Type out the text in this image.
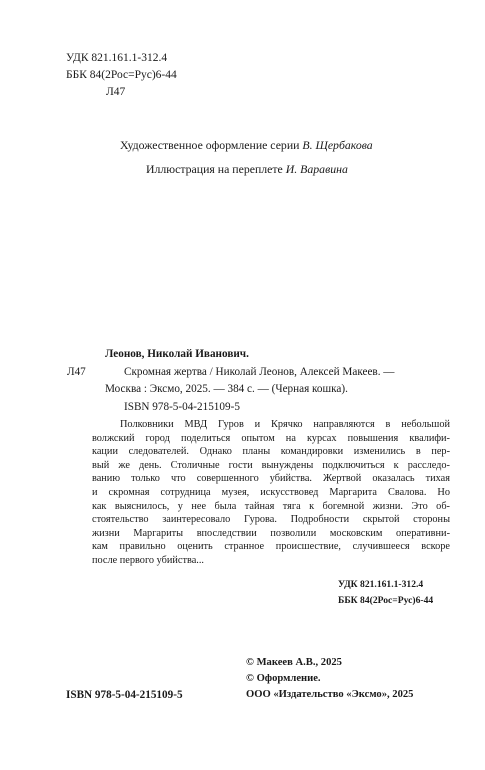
УДК 821.161.1-312.4
ББК 84(2Рос=Рус)6-44
Л47
Художественное оформление серии В. Щербакова
Иллюстрация на переплете И. Варавина
Леонов, Николай Иванович.
Л47	Скромная жертва / Николай Леонов, Алексей Макеев. —
Москва : Эксмо, 2025. — 384 с. — (Черная кошка).
ISBN 978-5-04-215109-5
Полковники МВД Гуров и Крячко направляются в небольшой
волжский город поделиться опытом на курсах повышения квалифи-
кации следователей. Однако планы командировки изменились в пер-
вый же день. Столичные гости вынуждены подключиться к расследо-
ванию только что совершенного убийства. Жертвой оказалась тихая
и скромная сотрудница музея, искусствовед Маргарита Свалова. Но
как выяснилось, у нее была тайная тяга к богемной жизни. Это об-
стоятельство заинтересовало Гурова. Подробности скрытой стороны
жизни Маргариты впоследствии позволили московским оперативни-
кам правильно оценить странное происшествие, случившееся вскоре
после первого убийства...
УДК 821.161.1-312.4
ББК 84(2Рос=Рус)6-44
© Макеев А.В., 2025
© Оформление.
ООО «Издательство «Эксмо», 2025
ISBN 978-5-04-215109-5
